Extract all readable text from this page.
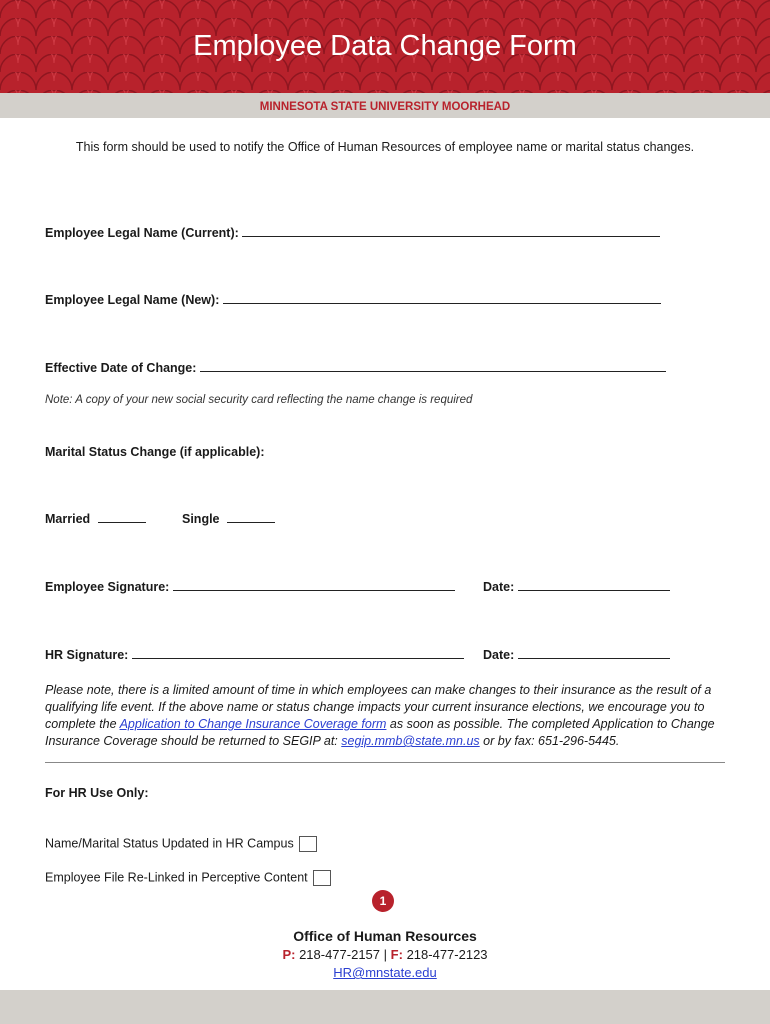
Employee Data Change Form
MINNESOTA STATE UNIVERSITY MOORHEAD
This form should be used to notify the Office of Human Resources of employee name or marital status changes.
Employee Legal Name (Current):
Employee Legal Name (New):
Effective Date of Change:
Note: A copy of your new social security card reflecting the name change is required
Marital Status Change (if applicable):
Married	Single
Employee Signature:	Date:
HR Signature:	Date:
Please note, there is a limited amount of time in which employees can make changes to their insurance as the result of a qualifying life event. If the above name or status change impacts your current insurance elections, we encourage you to complete the Application to Change Insurance Coverage form as soon as possible. The completed Application to Change Insurance Coverage should be returned to SEGIP at: segip.mmb@state.mn.us or by fax: 651-296-5445.
For HR Use Only:
Name/Marital Status Updated in HR Campus
Employee File Re-Linked in Perceptive Content
1
Office of Human Resources
P: 218-477-2157 | F: 218-477-2123
HR@mnstate.edu
